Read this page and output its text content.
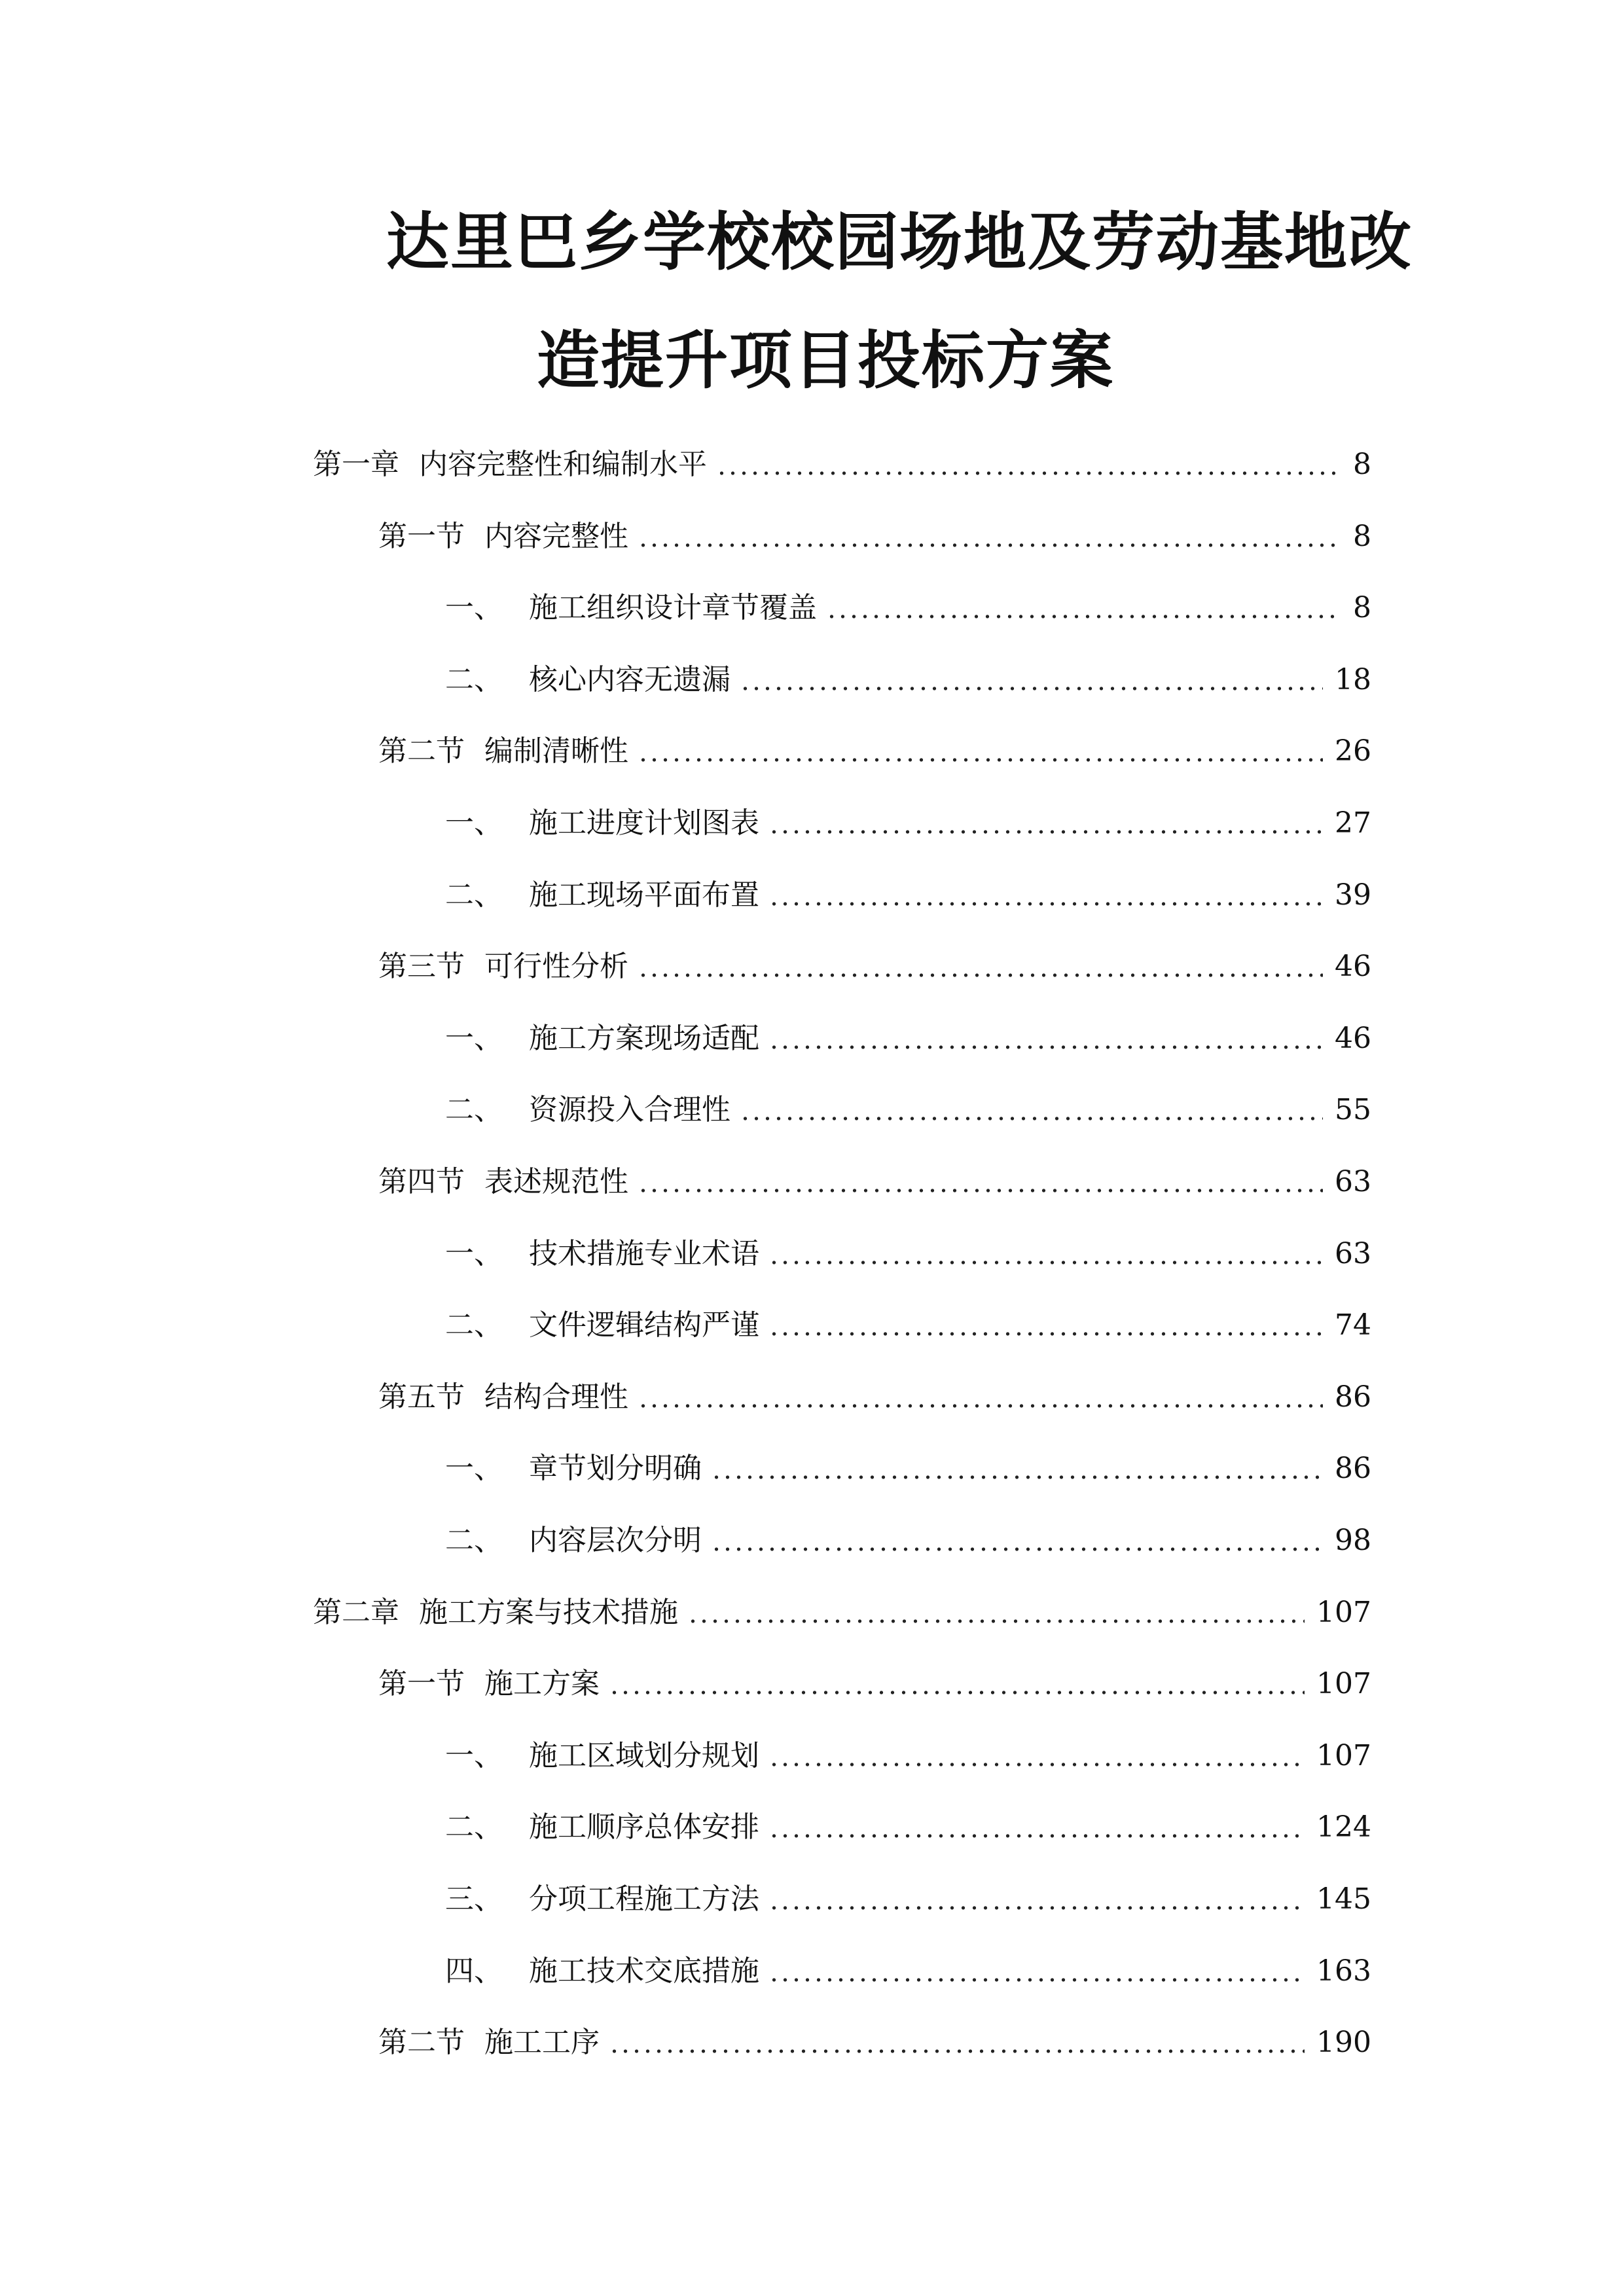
达里巴乡学校校园场地及劳动基地改
造提升项目投标方案
第一章 内容完整性和编制水平	8
第一节 内容完整性	8
一、 施工组织设计章节覆盖	8
二、 核心内容无遗漏	18
第二节 编制清晰性	26
一、 施工进度计划图表	27
二、 施工现场平面布置	39
第三节 可行性分析	46
一、 施工方案现场适配	46
二、 资源投入合理性	55
第四节 表述规范性	63
一、 技术措施专业术语	63
二、 文件逻辑结构严谨	74
第五节 结构合理性	86
一、 章节划分明确	86
二、 内容层次分明	98
第二章 施工方案与技术措施	107
第一节 施工方案	107
一、 施工区域划分规划	107
二、 施工顺序总体安排	124
三、 分项工程施工方法	145
四、 施工技术交底措施	163
第二节 施工工序	190
